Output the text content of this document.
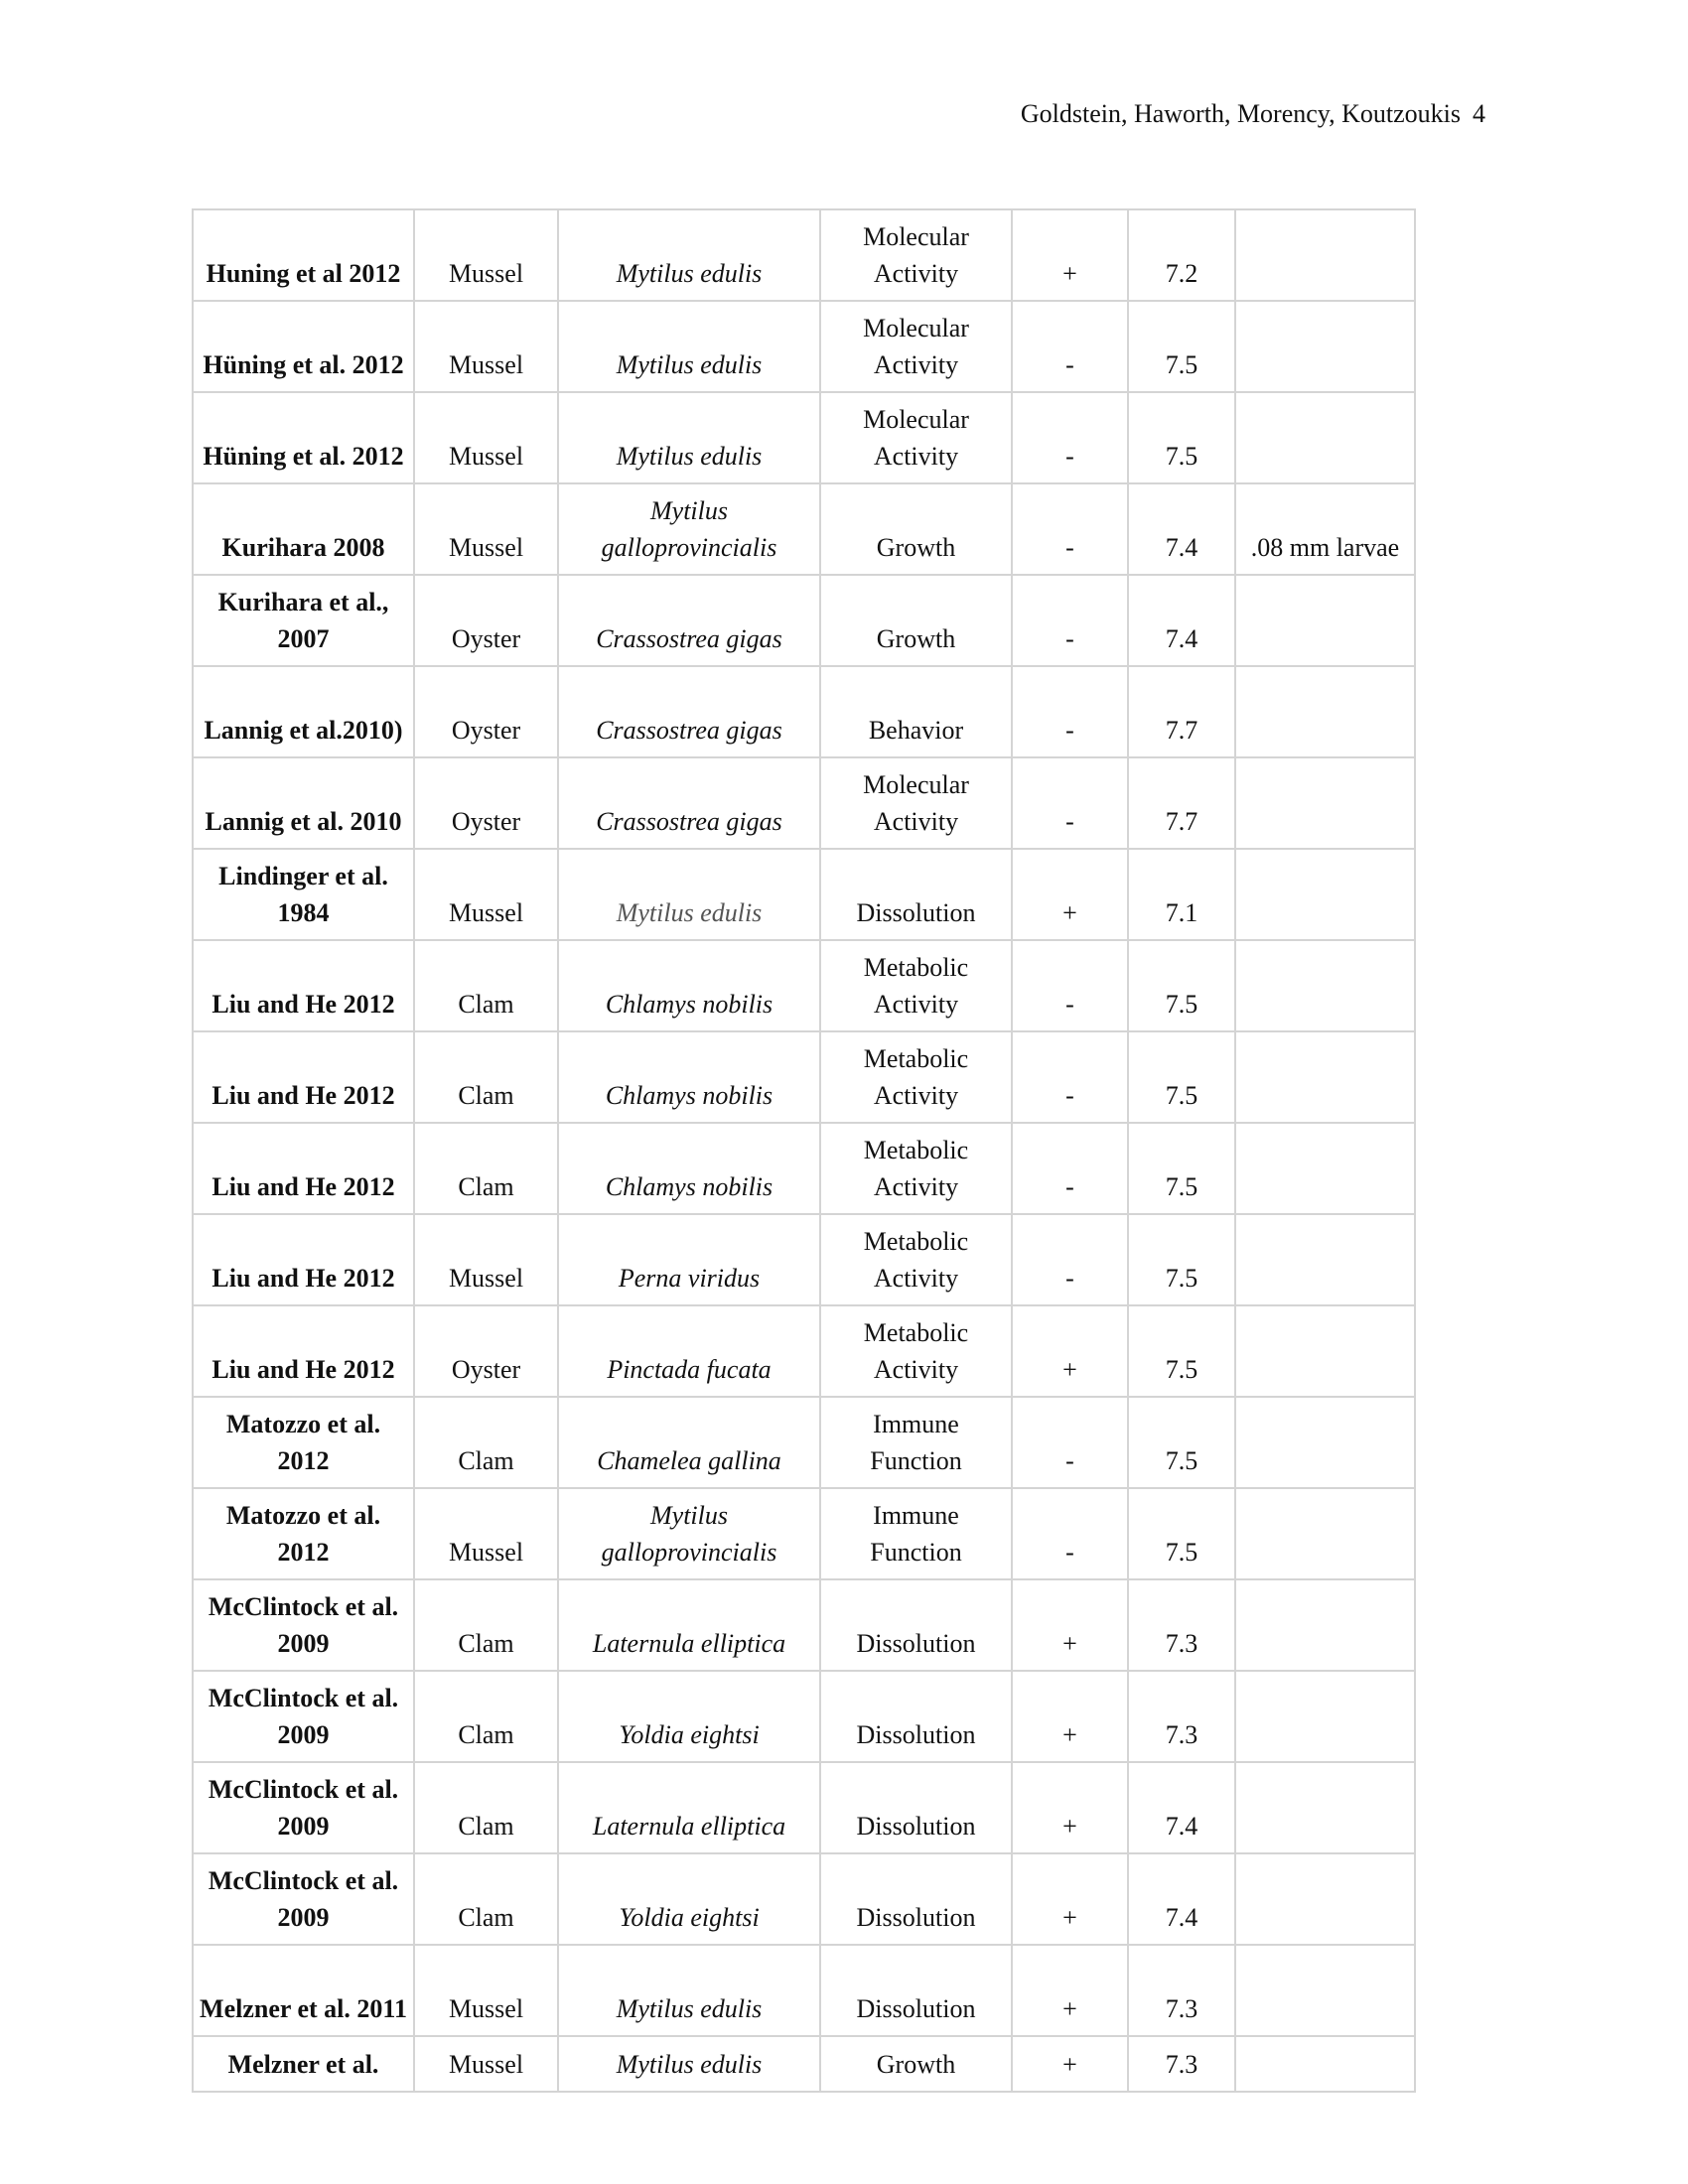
Goldstein, Haworth, Morency, Koutzoukis 4
Huning et al 2012	Mussel	Mytilus edulis	Molecular Activity	+	7.2	
Hüning et al. 2012	Mussel	Mytilus edulis	Molecular Activity	-	7.5	
Hüning et al. 2012	Mussel	Mytilus edulis	Molecular Activity	-	7.5	
Kurihara 2008	Mussel	Mytilus galloprovincialis	Growth	-	7.4	.08 mm larvae
Kurihara et al., 2007	Oyster	Crassostrea gigas	Growth	-	7.4	
Lannig et al.2010)	Oyster	Crassostrea gigas	Behavior	-	7.7	
Lannig et al. 2010	Oyster	Crassostrea gigas	Molecular Activity	-	7.7	
Lindinger et al. 1984	Mussel	Mytilus edulis	Dissolution	+	7.1	
Liu and He 2012	Clam	Chlamys nobilis	Metabolic Activity	-	7.5	
Liu and He 2012	Clam	Chlamys nobilis	Metabolic Activity	-	7.5	
Liu and He 2012	Clam	Chlamys nobilis	Metabolic Activity	-	7.5	
Liu and He 2012	Mussel	Perna viridus	Metabolic Activity	-	7.5	
Liu and He 2012	Oyster	Pinctada fucata	Metabolic Activity	+	7.5	
Matozzo et al. 2012	Clam	Chamelea gallina	Immune Function	-	7.5	
Matozzo et al. 2012	Mussel	Mytilus galloprovincialis	Immune Function	-	7.5	
McClintock et al. 2009	Clam	Laternula elliptica	Dissolution	+	7.3	
McClintock et al. 2009	Clam	Yoldia eightsi	Dissolution	+	7.3	
McClintock et al. 2009	Clam	Laternula elliptica	Dissolution	+	7.4	
McClintock et al. 2009	Clam	Yoldia eightsi	Dissolution	+	7.4	
Melzner et al. 2011	Mussel	Mytilus edulis	Dissolution	+	7.3	
Melzner et al.	Mussel	Mytilus edulis	Growth	+	7.3	
